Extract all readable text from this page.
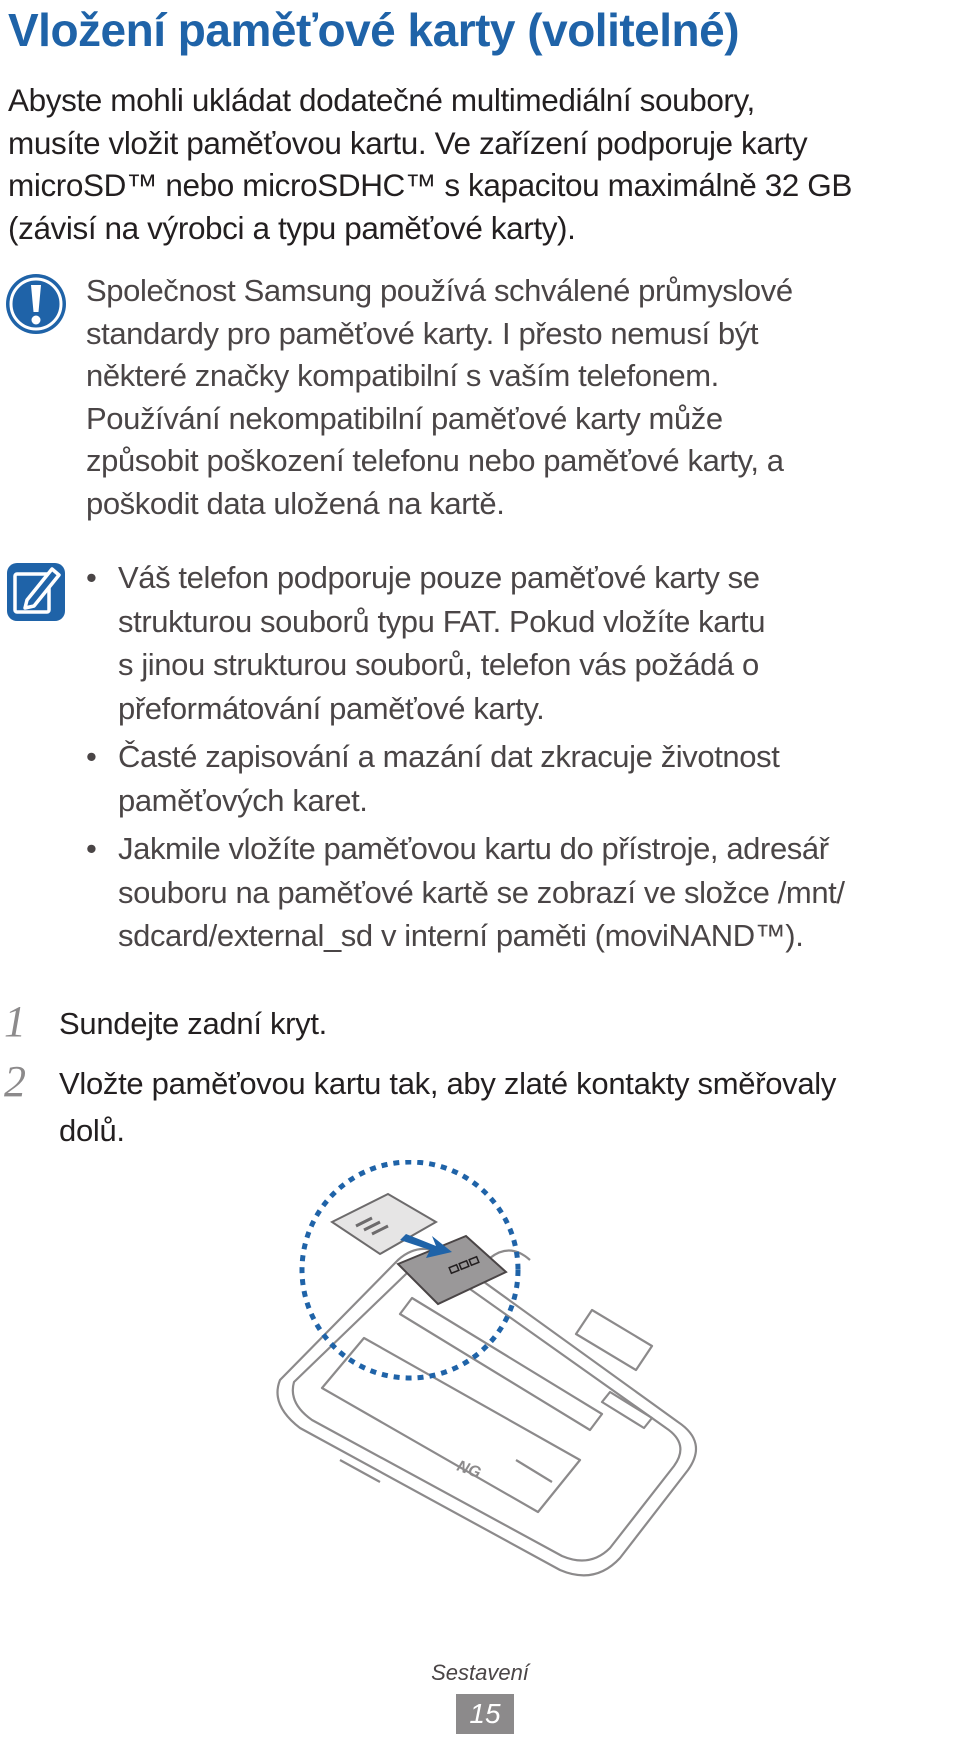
Vložení paměťové karty (volitelné)
Abyste mohli ukládat dodatečné multimediální soubory,
musíte vložit paměťovou kartu. Ve zařízení podporuje karty
microSD™ nebo microSDHC™ s kapacitou maximálně 32 GB
(závisí na výrobci a typu paměťové karty).
Společnost Samsung používá schválené průmyslové
standardy pro paměťové karty. I přesto nemusí být
některé značky kompatibilní s vaším telefonem.
Používání nekompatibilní paměťové karty může
způsobit poškození telefonu nebo paměťové karty, a
poškodit data uložená na kartě.
• Váš telefon podporuje pouze paměťové karty se
strukturou souborů typu FAT. Pokud vložíte kartu
s jinou strukturou souborů, telefon vás požádá o
přeformátování paměťové karty.
• Časté zapisování a mazání dat zkracuje životnost
paměťových karet.
• Jakmile vložíte paměťovou kartu do přístroje, adresář
souboru na paměťové kartě se zobrazí ve složce /mnt/
sdcard/external_sd v interní paměti (moviNAND™).
1 Sundejte zadní kryt.
2 Vložte paměťovou kartu tak, aby zlaté kontakty směřovaly
dolů.
NG
Sestavení
15
